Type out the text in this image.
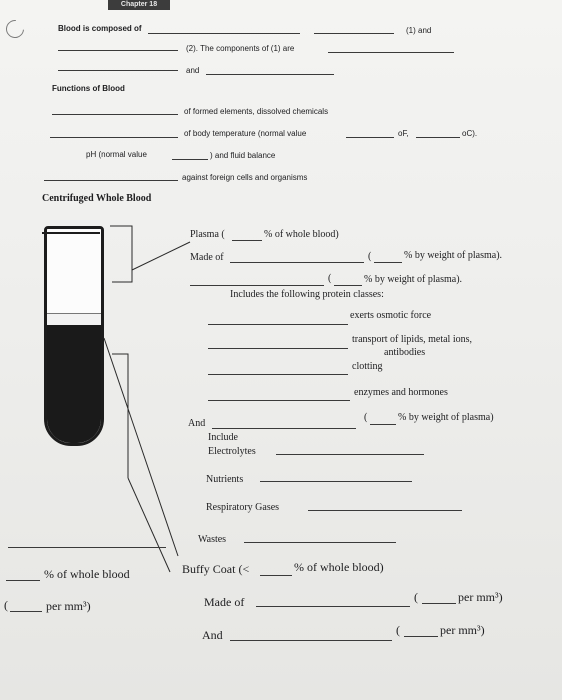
Chapter 18
Blood is composed of	(1) and
(2). The components of (1) are
and
Functions of Blood
of formed elements, dissolved chemicals
of body temperature (normal value	oF,	oC).
pH (normal value	) and fluid balance
against foreign cells and organisms
Centrifuged Whole Blood
Plasma (	% of whole blood)
Made of	(	% by weight of plasma).
(	% by weight of plasma).
Includes the following protein classes:
exerts osmotic force
transport of lipids, metal ions,
antibodies
clotting
enzymes and hormones
And
(	% by weight of plasma)
Include
Electrolytes
Nutrients
Respiratory Gases
Wastes
% of whole blood	Buffy Coat (<	% of whole blood)
(	per mm³)	Made of	(	per mm³)
And	(	per mm³)
